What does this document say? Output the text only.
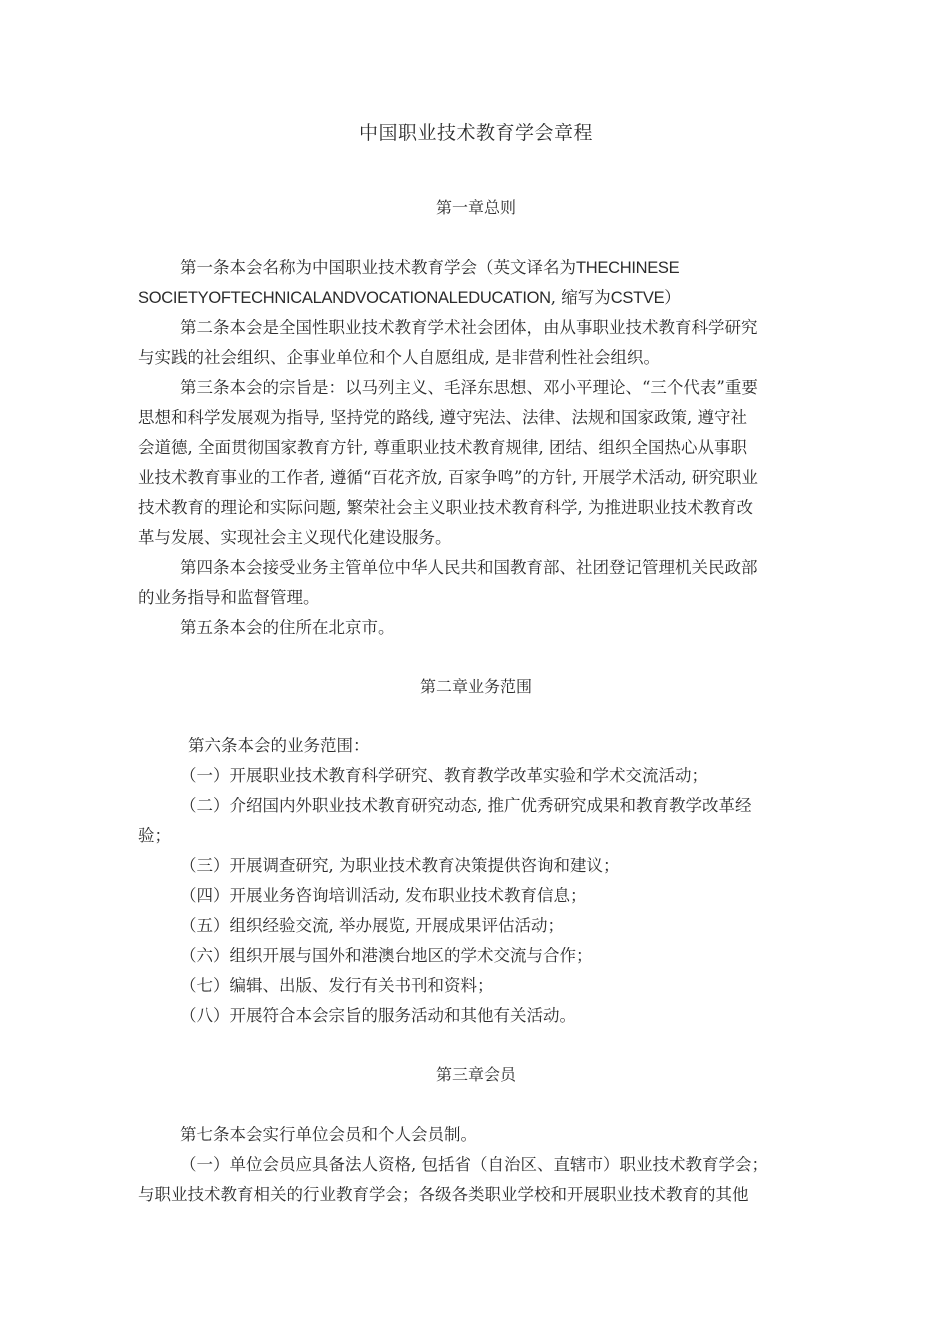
中国职业技术教育学会章程
第一章总则
第一条本会名称为中国职业技术教育学会（英文译名为THECHINESE
SOCIETYOFTECHNICALANDVOCATIONALEDUCATION, 缩写为CSTVE）
第二条本会是全国性职业技术教育学术社会团体，由从事职业技术教育科学研究
与实践的社会组织、企事业单位和个人自愿组成, 是非营利性社会组织。
第三条本会的宗旨是：以马列主义、毛泽东思想、邓小平理论、“三个代表”重要
思想和科学发展观为指导, 坚持党的路线, 遵守宪法、法律、法规和国家政策, 遵守社
会道德, 全面贯彻国家教育方针, 尊重职业技术教育规律, 团结、组织全国热心从事职
业技术教育事业的工作者, 遵循“百花齐放, 百家争鸣”的方针, 开展学术活动, 研究职业
技术教育的理论和实际问题, 繁荣社会主义职业技术教育科学, 为推进职业技术教育改
革与发展、实现社会主义现代化建设服务。
第四条本会接受业务主管单位中华人民共和国教育部、社团登记管理机关民政部
的业务指导和监督管理。
第五条本会的住所在北京市。
第二章业务范围
第六条本会的业务范围：
（一）开展职业技术教育科学研究、教育教学改革实验和学术交流活动；
（二）介绍国内外职业技术教育研究动态, 推广优秀研究成果和教育教学改革经
验；
（三）开展调查研究, 为职业技术教育决策提供咨询和建议；
（四）开展业务咨询培训活动, 发布职业技术教育信息；
（五）组织经验交流, 举办展览, 开展成果评估活动；
（六）组织开展与国外和港澳台地区的学术交流与合作；
（七）编辑、出版、发行有关书刊和资料；
（八）开展符合本会宗旨的服务活动和其他有关活动。
第三章会员
第七条本会实行单位会员和个人会员制。
（一）单位会员应具备法人资格, 包括省（自治区、直辖市）职业技术教育学会；
与职业技术教育相关的行业教育学会；各级各类职业学校和开展职业技术教育的其他
